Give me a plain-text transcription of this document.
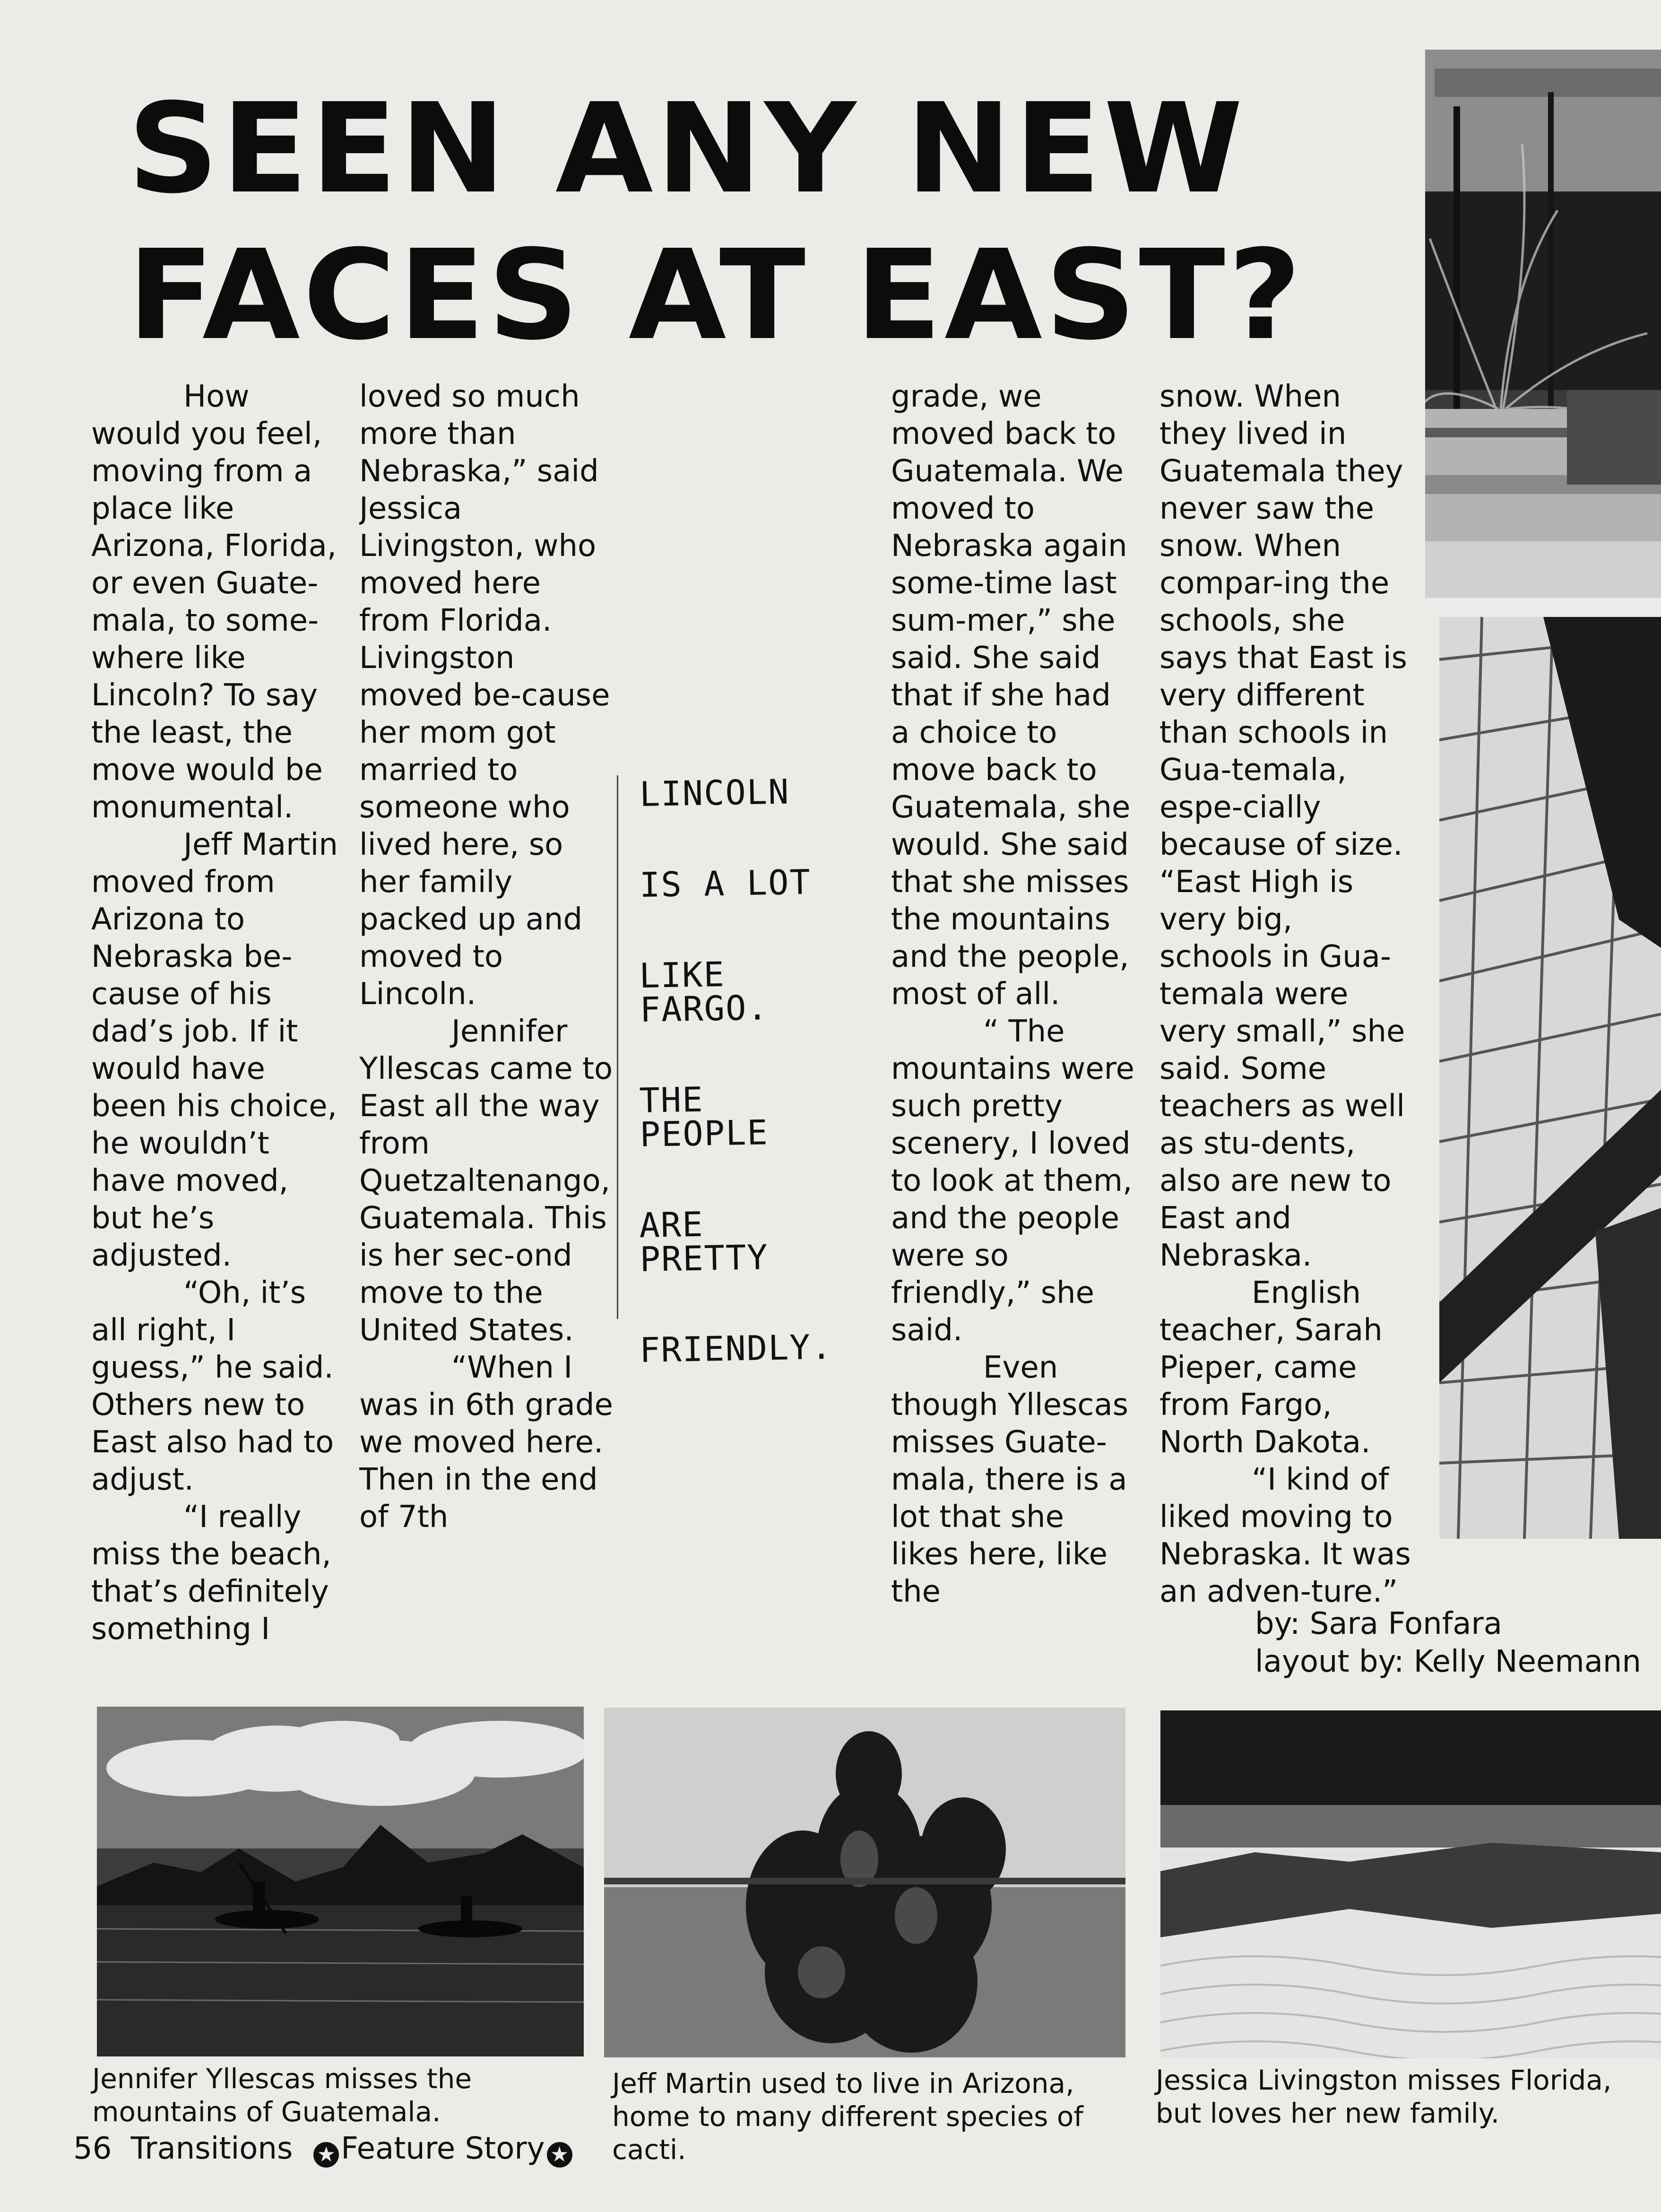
SEEN ANY NEW
FACES AT EAST?

How would you feel, moving from a place like Arizona, Florida, or even Guate-mala, to some-where like Lincoln? To say the least, the move would be monumental.

Jeff Martin moved from Arizona to Nebraska be-cause of his dad’s job. If it would have been his choice, he wouldn’t have moved, but he’s adjusted.

“Oh, it’s all right, I guess,” he said. Others new to East also had to adjust.

“I really miss the beach, that’s definitely something I

loved so much more than Nebraska,” said Jessica Livingston, who moved here from Florida. Livingston moved be-cause her mom got married to someone who lived here, so her family packed up and moved to Lincoln.

Jennifer Yllescas came to East all the way from Quetzaltenango, Guatemala. This is her sec-ond move to the United States.

“When I was in 6th grade we moved here. Then in the end of 7th

LINCOLN
IS A LOT
LIKE FARGO.
THE PEOPLE
ARE PRETTY
FRIENDLY.

grade, we moved back to Guatemala. We moved to Nebraska again some-time last sum-mer,” she said. She said that if she had a choice to move back to Guatemala, she would. She said that she misses the mountains and the people, most of all.

“ The mountains were such pretty scenery, I loved to look at them, and the people were so friendly,” she said.

Even though Yllescas misses Guate-mala, there is a lot that she likes here, like the

snow. When they lived in Guatemala they never saw the snow. When compar-ing the schools, she says that East is very different than schools in Gua-temala, espe-cially because of size. “East High is very big, schools in Gua-temala were very small,” she said. Some teachers as well as stu-dents, also are new to East and Nebraska.

English teacher, Sarah Pieper, came from Fargo, North Dakota.

“I kind of liked moving to Nebraska. It was an adven-ture.”

by: Sara Fonfara
layout by: Kelly Neemann
Jennifer Yllescas misses the mountains of Guatemala.
Jeff Martin used to live in Arizona, home to many different species of cacti.
Jessica Livingston misses Florida, but loves her new family.
56 Transitions ★ Feature Story ★
